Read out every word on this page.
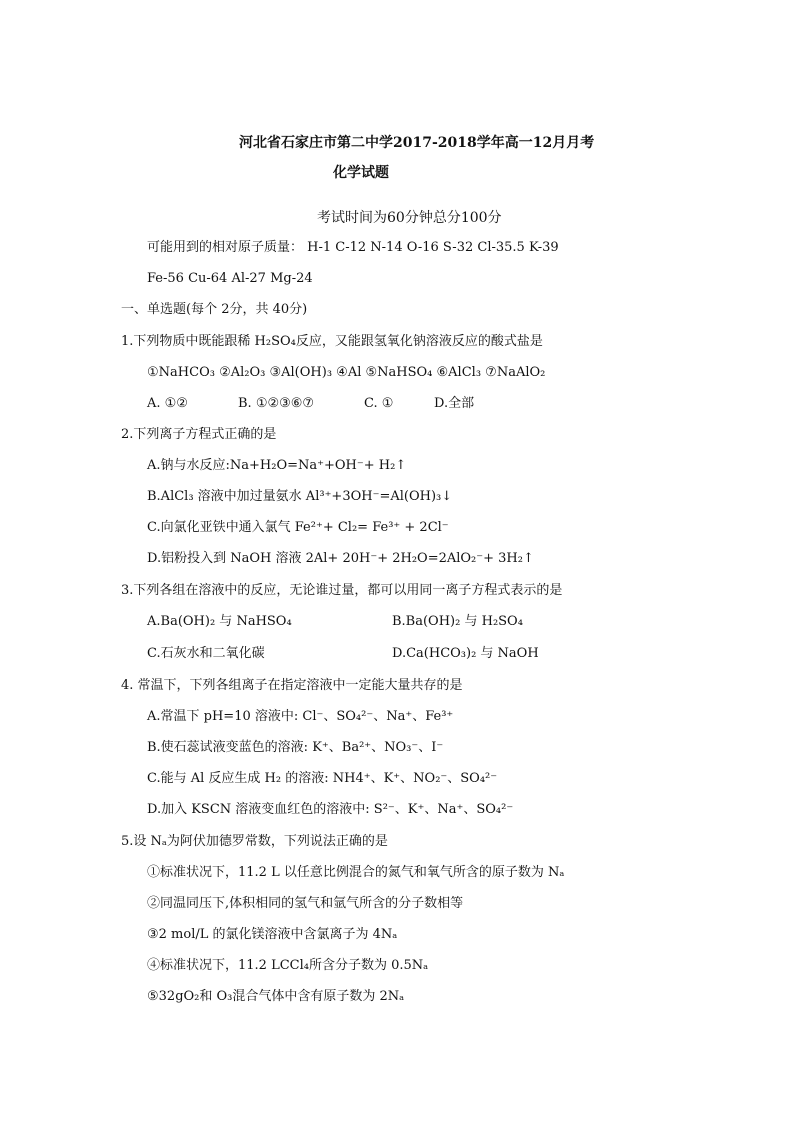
河北省石家庄市第二中学2017-2018学年高一12月月考
化学试题
考试时间为60分钟总分100分
可能用到的相对原子质量： H-1 C-12 N-14 O-16 S-32 Cl-35.5 K-39
Fe-56 Cu-64 Al-27 Mg-24
一、单选题(每个 2分，共 40分)
1.下列物质中既能跟稀 H₂SO₄反应，又能跟氢氧化钠溶液反应的酸式盐是
①NaHCO₃ ②Al₂O₃ ③Al(OH)₃ ④Al ⑤NaHSO₄ ⑥AlCl₃ ⑦NaAlO₂
A. ①②	B. ①②③⑥⑦	C. ①	D.全部
2.下列离子方程式正确的是
A.钠与水反应:Na+H₂O=Na⁺+OH⁻+ H₂↑
B.AlCl₃ 溶液中加过量氨水 Al³⁺+3OH⁻=Al(OH)₃↓
C.向氯化亚铁中通入氯气 Fe²⁺+ Cl₂= Fe³⁺ + 2Cl⁻
D.铝粉投入到 NaOH 溶液 2Al+ 20H⁻+ 2H₂O=2AlO₂⁻+ 3H₂↑
3.下列各组在溶液中的反应，无论谁过量，都可以用同一离子方程式表示的是
A.Ba(OH)₂ 与 NaHSO₄	B.Ba(OH)₂ 与 H₂SO₄
C.石灰水和二氧化碳	D.Ca(HCO₃)₂ 与 NaOH
4. 常温下，下列各组离子在指定溶液中一定能大量共存的是
A.常温下 pH=10 溶液中: Cl⁻、SO₄²⁻、Na⁺、Fe³⁺
B.使石蕊试液变蓝色的溶液: K⁺、Ba²⁺、NO₃⁻、I⁻
C.能与 Al 反应生成 H₂ 的溶液: NH4⁺、K⁺、NO₂⁻、SO₄²⁻
D.加入 KSCN 溶液变血红色的溶液中: S²⁻、K⁺、Na⁺、SO₄²⁻
5.设 Nₐ为阿伏加德罗常数，下列说法正确的是
①标准状况下，11.2 L 以任意比例混合的氮气和氧气所含的原子数为 Nₐ
②同温同压下,体积相同的氢气和氩气所含的分子数相等
③2 mol/L 的氯化镁溶液中含氯离子为 4Nₐ
④标准状况下，11.2 LCCl₄所含分子数为 0.5Nₐ
⑤32gO₂和 O₃混合气体中含有原子数为 2Nₐ
